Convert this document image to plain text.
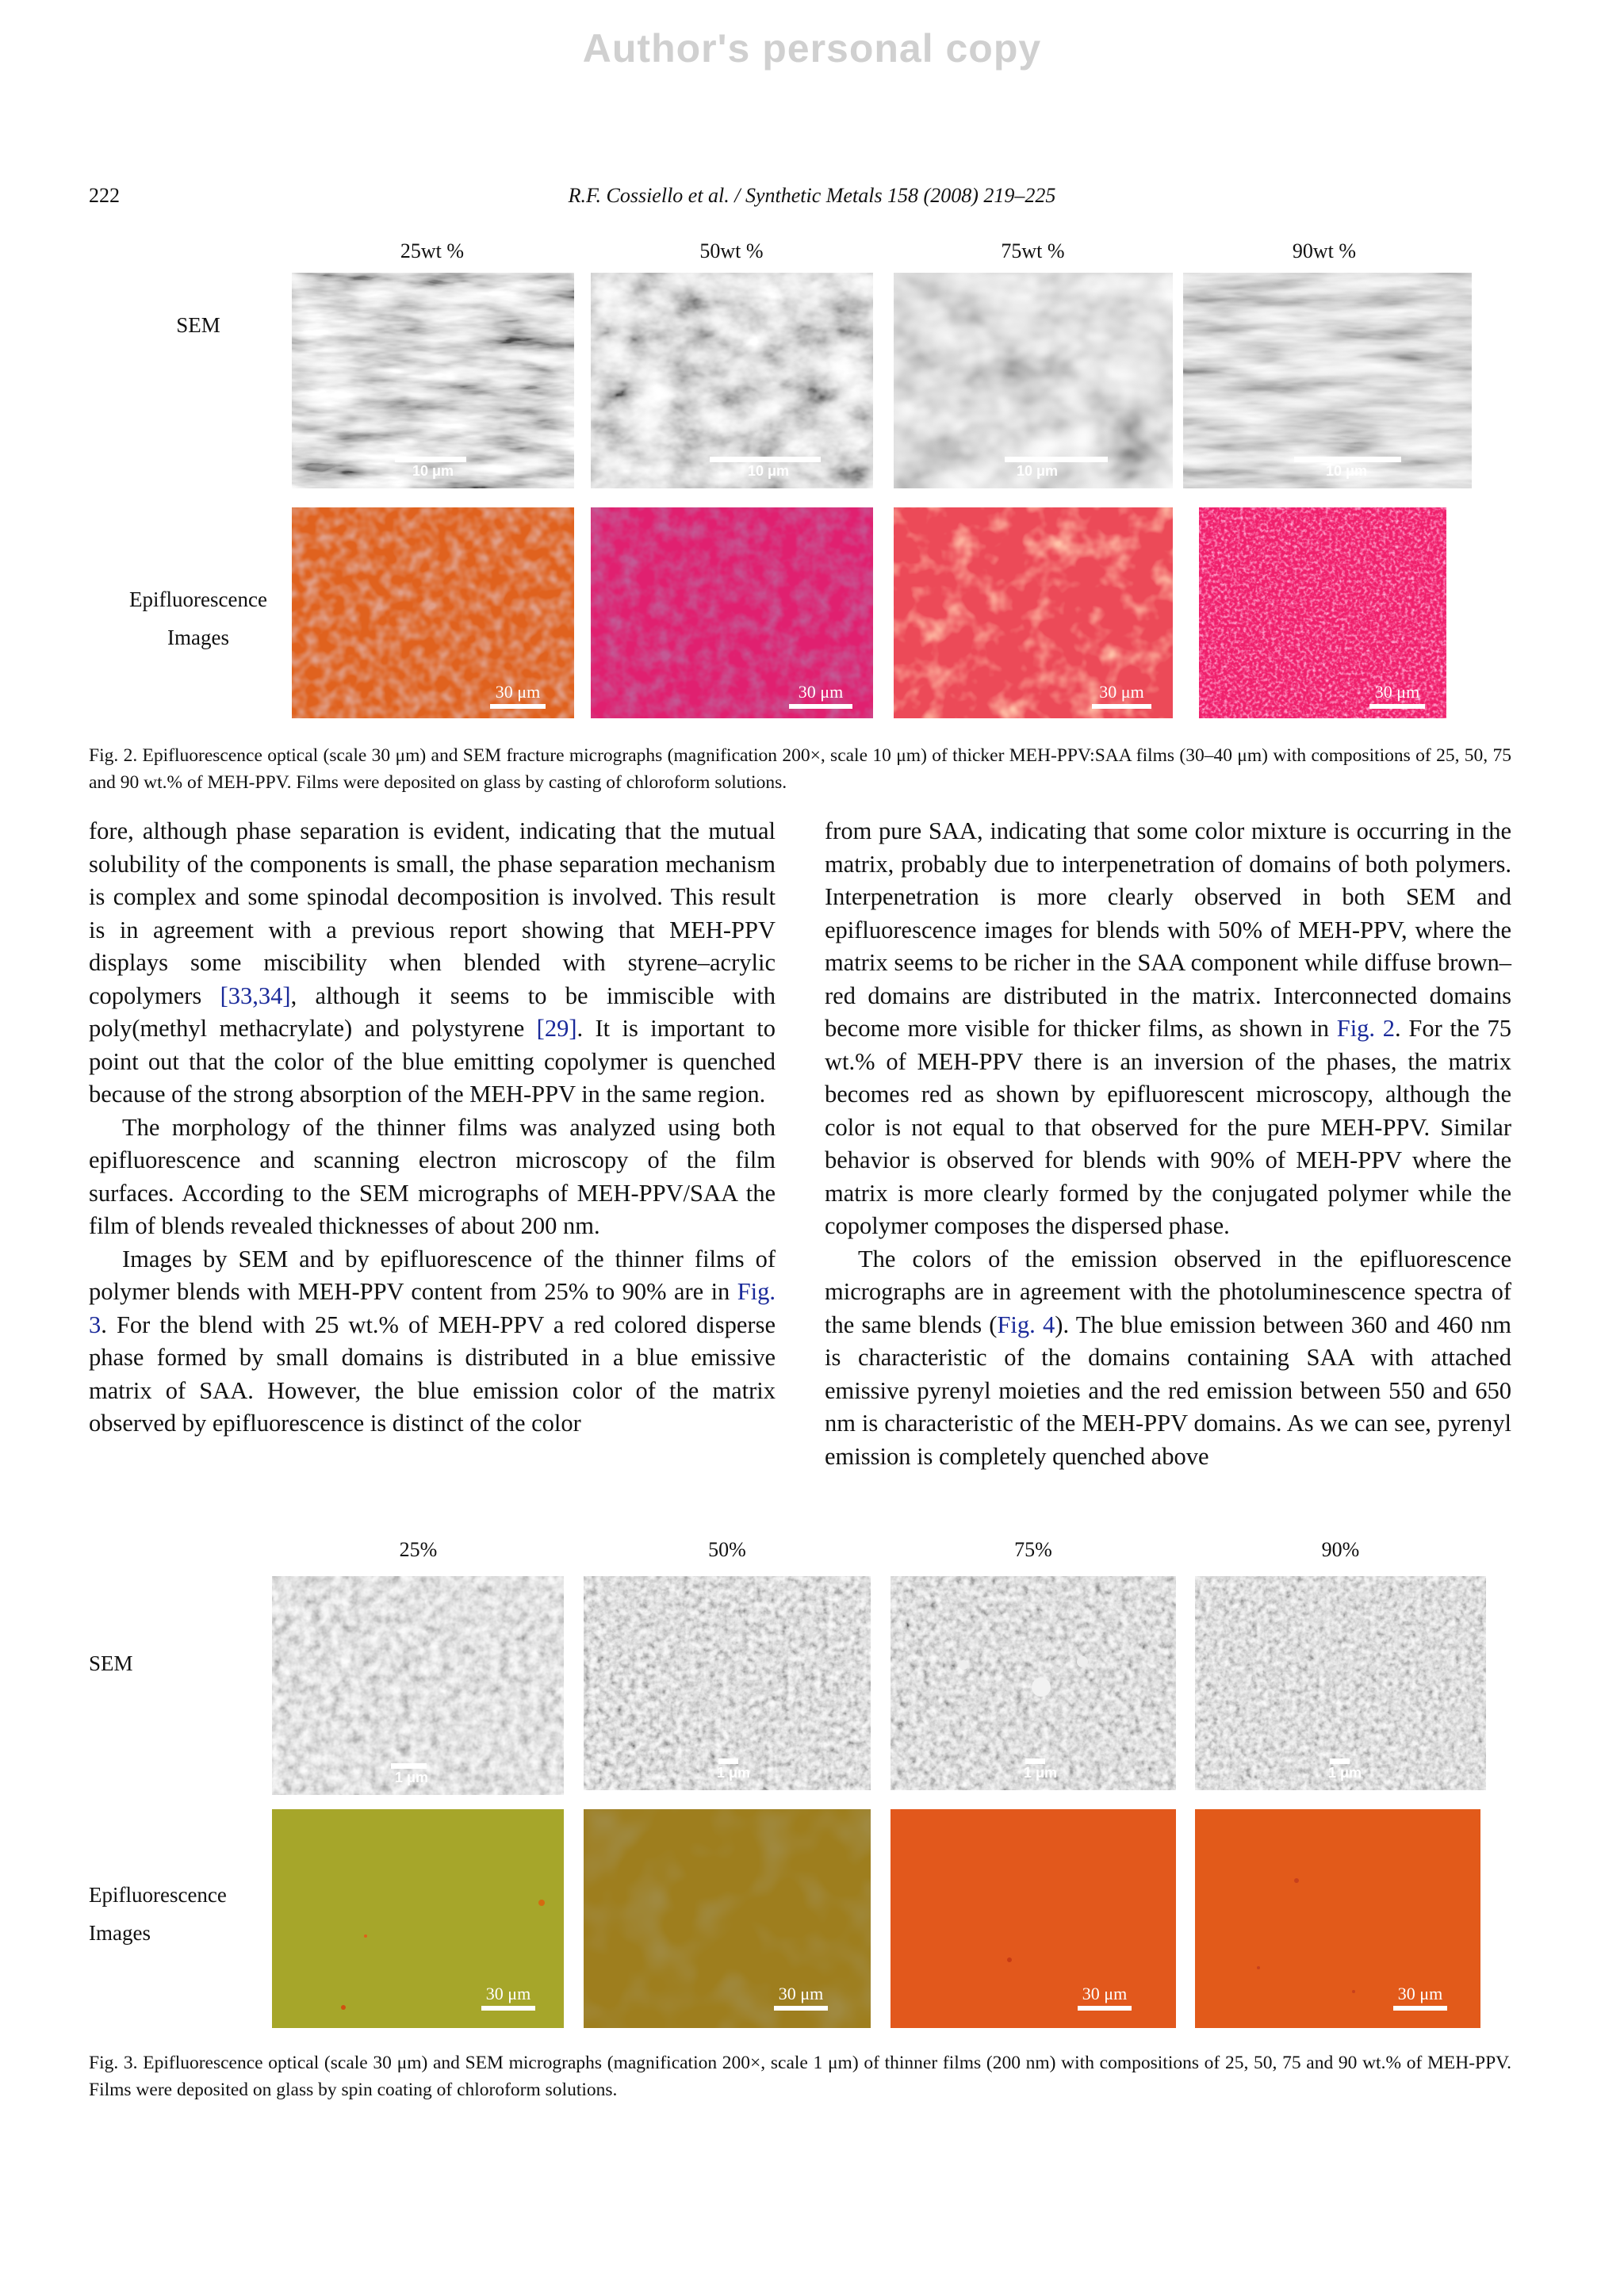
Author's personal copy
222	R.F. Cossiello et al. / Synthetic Metals 158 (2008) 219–225
25wt %	50wt %	75wt %	90wt %
SEM
Epifluorescence
Images
10 μm	10 μm	10 μm	10 μm
30 μm	30 μm	30 μm	30 μm
Fig. 2. Epifluorescence optical (scale 30 μm) and SEM fracture micrographs (magnification 200×, scale 10 μm) of thicker MEH-PPV:SAA films (30–40 μm) with compositions of 25, 50, 75 and 90 wt.% of MEH-PPV. Films were deposited on glass by casting of chloroform solutions.

fore, although phase separation is evident, indicating that the mutual solubility of the components is small, the phase separation mechanism is complex and some spinodal decomposition is involved. This result is in agreement with a previous report showing that MEH-PPV displays some miscibility when blended with styrene–acrylic copolymers [33,34], although it seems to be immiscible with poly(methyl methacrylate) and polystyrene [29]. It is important to point out that the color of the blue emitting copolymer is quenched because of the strong absorption of the MEH-PPV in the same region.

The morphology of the thinner films was analyzed using both epifluorescence and scanning electron microscopy of the film surfaces. According to the SEM micrographs of MEH-PPV/SAA the film of blends revealed thicknesses of about 200 nm.

Images by SEM and by epifluorescence of the thinner films of polymer blends with MEH-PPV content from 25% to 90% are in Fig. 3. For the blend with 25 wt.% of MEH-PPV a red colored disperse phase formed by small domains is distributed in a blue emissive matrix of SAA. However, the blue emission color of the matrix observed by epifluorescence is distinct of the color

from pure SAA, indicating that some color mixture is occurring in the matrix, probably due to interpenetration of domains of both polymers. Interpenetration is more clearly observed in both SEM and epifluorescence images for blends with 50% of MEH-PPV, where the matrix seems to be richer in the SAA component while diffuse brown–red domains are distributed in the matrix. Interconnected domains become more visible for thicker films, as shown in Fig. 2. For the 75 wt.% of MEH-PPV there is an inversion of the phases, the matrix becomes red as shown by epifluorescent microscopy, although the color is not equal to that observed for the pure MEH-PPV. Similar behavior is observed for blends with 90% of MEH-PPV where the matrix is more clearly formed by the conjugated polymer while the copolymer composes the dispersed phase.

The colors of the emission observed in the epifluorescence micrographs are in agreement with the photoluminescence spectra of the same blends (Fig. 4). The blue emission between 360 and 460 nm is characteristic of the domains containing SAA with attached emissive pyrenyl moieties and the red emission between 550 and 650 nm is characteristic of the MEH-PPV domains. As we can see, pyrenyl emission is completely quenched above

25%	50%	75%	90%
SEM
Epifluorescence
Images
1 μm	1 μm	1 μm	1 μm
30 μm	30 μm	30 μm	30 μm
Fig. 3. Epifluorescence optical (scale 30 μm) and SEM micrographs (magnification 200×, scale 1 μm) of thinner films (200 nm) with compositions of 25, 50, 75 and 90 wt.% of MEH-PPV. Films were deposited on glass by spin coating of chloroform solutions.
